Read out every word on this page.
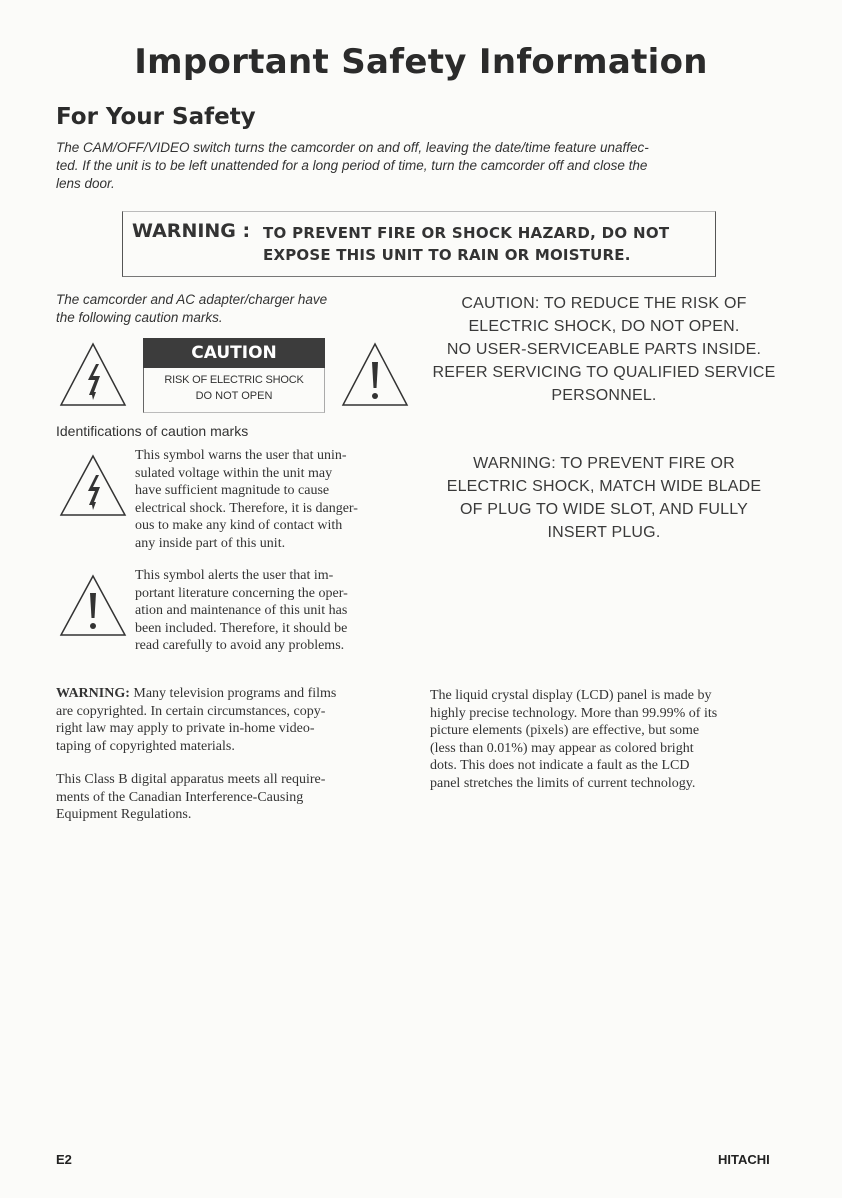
Important Safety Information
For Your Safety
The CAM/OFF/VIDEO switch turns the camcorder on and off, leaving the date/time feature unaffec-
ted. If the unit is to be left unattended for a long period of time, turn the camcorder off and close the
lens door.
WARNING : TO PREVENT FIRE OR SHOCK HAZARD, DO NOT
EXPOSE THIS UNIT TO RAIN OR MOISTURE.
The camcorder and AC adapter/charger have
the following caution marks.
CAUTION
RISK OF ELECTRIC SHOCK
DO NOT OPEN
Identifications of caution marks
This symbol warns the user that unin-
sulated voltage within the unit may
have sufficient magnitude to cause
electrical shock. Therefore, it is danger-
ous to make any kind of contact with
any inside part of this unit.
This symbol alerts the user that im-
portant literature concerning the oper-
ation and maintenance of this unit has
been included. Therefore, it should be
read carefully to avoid any problems.
CAUTION: TO REDUCE THE RISK OF
ELECTRIC SHOCK, DO NOT OPEN.
NO USER-SERVICEABLE PARTS INSIDE.
REFER SERVICING TO QUALIFIED SERVICE
PERSONNEL.
WARNING: TO PREVENT FIRE OR
ELECTRIC SHOCK, MATCH WIDE BLADE
OF PLUG TO WIDE SLOT, AND FULLY
INSERT PLUG.
WARNING: Many television programs and films
are copyrighted. In certain circumstances, copy-
right law may apply to private in-home video-
taping of copyrighted materials.
This Class B digital apparatus meets all require-
ments of the Canadian Interference-Causing
Equipment Regulations.
The liquid crystal display (LCD) panel is made by
highly precise technology. More than 99.99% of its
picture elements (pixels) are effective, but some
(less than 0.01%) may appear as colored bright
dots. This does not indicate a fault as the LCD
panel stretches the limits of current technology.
E2	HITACHI
